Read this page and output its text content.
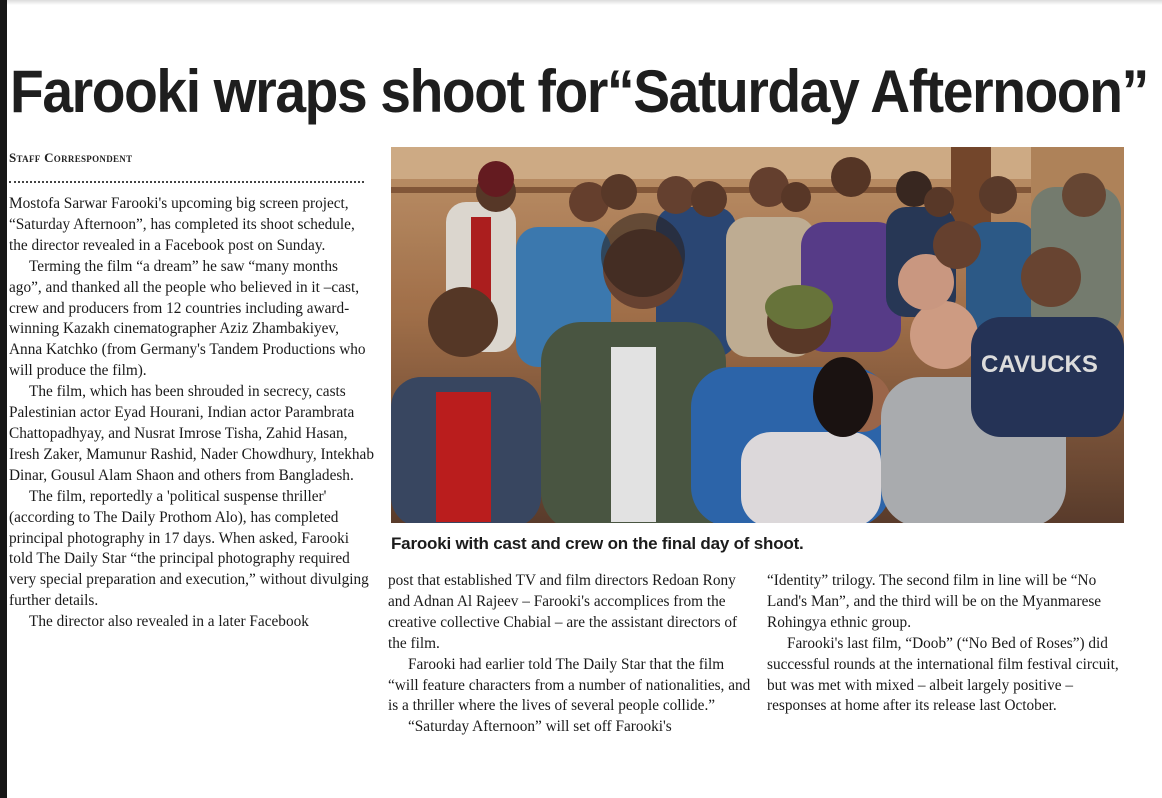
Farooki wraps shoot for“Saturday Afternoon”
Staff Correspondent

Mostofa Sarwar Farooki's upcoming big screen project, “Saturday Afternoon”, has completed its shoot schedule, the director revealed in a Facebook post on Sunday.

Terming the film “a dream” he saw “many months ago”, and thanked all the people who believed in it –cast, crew and producers from 12 countries including award-winning Kazakh cinematographer Aziz Zhambakiyev, Anna Katchko (from Germany's Tandem Productions who will produce the film).

The film, which has been shrouded in secrecy, casts Palestinian actor Eyad Hourani, Indian actor Parambrata Chattopadhyay, and Nusrat Imrose Tisha, Zahid Hasan, Iresh Zaker, Mamunur Rashid, Nader Chowdhury, Intekhab Dinar, Gousul Alam Shaon and others from Bangladesh.

The film, reportedly a 'political suspense thriller' (according to The Daily Prothom Alo), has completed principal photography in 17 days. When asked, Farooki told The Daily Star “the principal photography required very special preparation and execution,” without divulging further details.

The director also revealed in a later Facebook

CAVUCKS

Farooki with cast and crew on the final day of shoot.

post that established TV and film directors Redoan Rony and Adnan Al Rajeev – Farooki's accomplices from the creative collective Chabial – are the assistant directors of the film.

Farooki had earlier told The Daily Star that the film “will feature characters from a number of nationalities, and is a thriller where the lives of several people collide.”

“Saturday Afternoon” will set off Farooki's

“Identity” trilogy. The second film in line will be “No Land's Man”, and the third will be on the Myanmarese Rohingya ethnic group.

Farooki's last film, “Doob” (“No Bed of Roses”) did successful rounds at the international film festival circuit, but was met with mixed – albeit largely positive – responses at home after its release last October.
